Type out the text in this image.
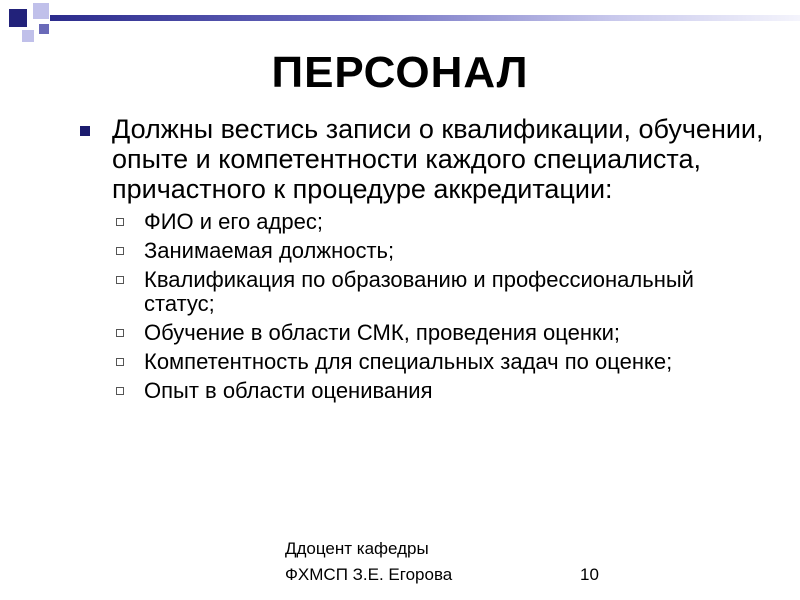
ПЕРСОНАЛ
Должны вестись записи о квалификации, обучении, опыте и компетентности каждого специалиста, причастного к процедуре аккредитации:
ФИО и его адрес;
Занимаемая должность;
Квалификация по образованию и профессиональный статус;
Обучение в области СМК, проведения оценки;
Компетентность для специальных задач по оценке;
Опыт в области оценивания
Ддоцент кафедры
ФХМСП З.Е. Егорова	10
